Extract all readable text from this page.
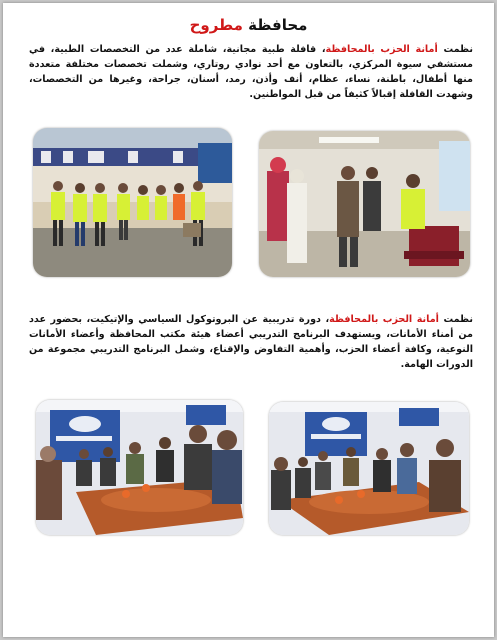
محافظة مطروح
نظمت أمانة الحزب بالمحافظة، قافلة طبية مجانية، شاملة عدد من التخصصات الطبية، في مستشفي سيوة المركزي، بالتعاون مع أحد نوادي روتاري، وشملت تخصصات مختلفة متعددة منها أطفال، باطنة، نساء، عظام، أنف وأذن، رمد، أسنان، جراحة، وغيرها من التخصصات، وشهدت القافلة إقبالاً كثيفاً من قبل المواطنين.
نظمت أمانة الحزب بالمحافظة، دورة تدريبية عن البروتوكول السياسي والإتيكيت، بحضور عدد من أمناء الأمانات، ويستهدف البرنامج التدريبي أعضاء هيئة مكتب المحافظة وأعضاء الأمانات النوعية، وكافة أعضاء الحزب، وأهمية التفاوض والإقناع، وشمل البرنامج التدريبي مجموعة من الدورات الهامة.
